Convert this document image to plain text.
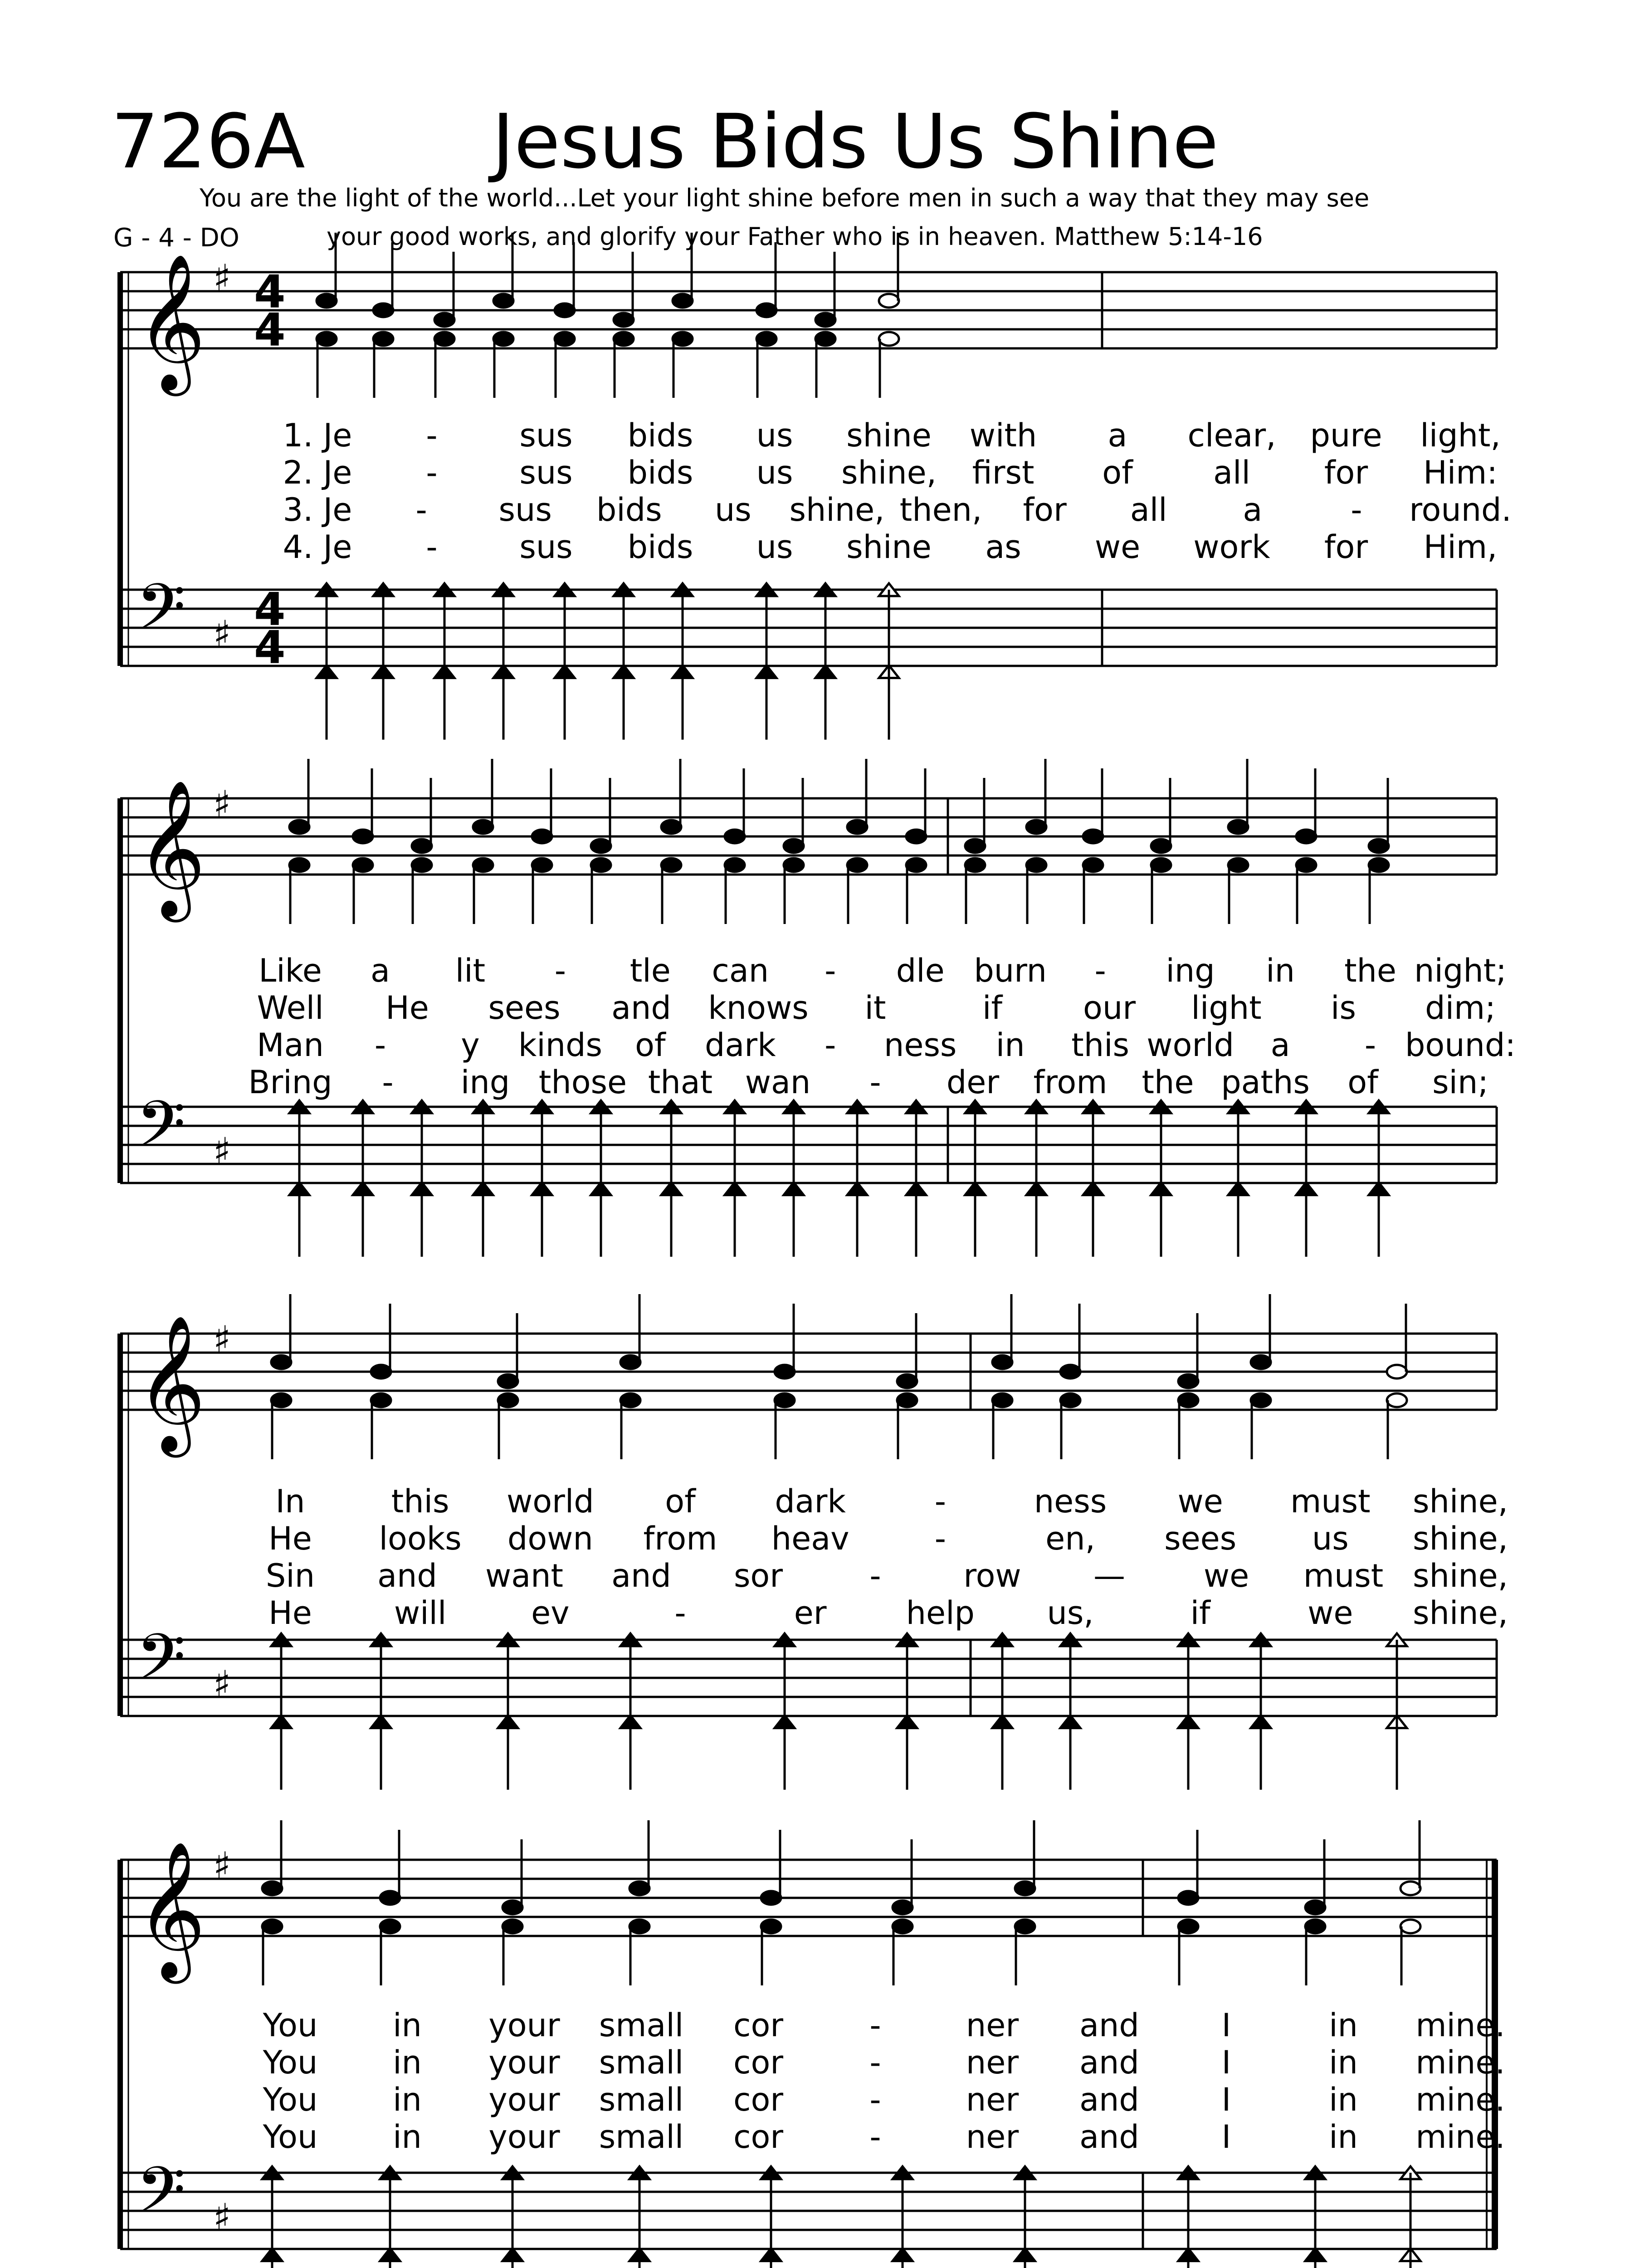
726A Jesus Bids Us Shine
You are the light of the world...Let your light shine before men in such a way that they may see
your good works, and glorify your Father who is in heaven. Matthew 5:14-16
G - 4 - DO
𝄞
𝄢
♯
♯
4
4
4
4
𝄞
𝄢
♯
♯
𝄞
𝄢
♯
♯
𝄞
𝄢
♯
♯
1. Je -	sus bids us shine with a clear, pure light,
2. Je -	sus bids us shine, first of	all for Him:
3. Je - sus bids us shine, then, for all a	- round.
4. Je -	sus bids us shine as we work for Him,
Like a lit - tle can - dle burn - ing in the night;
Well He sees and knows it	if	our light is dim;
Man - y kinds of dark - ness in this world a - bound:
Bring - ing those that wan - der from the paths of sin;
In	this world of dark	-	ness we must shine,
He looks down from heav	-	en, sees us shine,
Sin and want and sor	-	row — we must shine,
He	will	ev	-	er	help us,	if	we shine,
You in your small cor	-	ner and	I	in mine.
You in your small cor	-	ner and	I	in mine.
You in your small cor	-	ner and	I	in mine.
You in your small cor	-	ner and	I	in mine.
